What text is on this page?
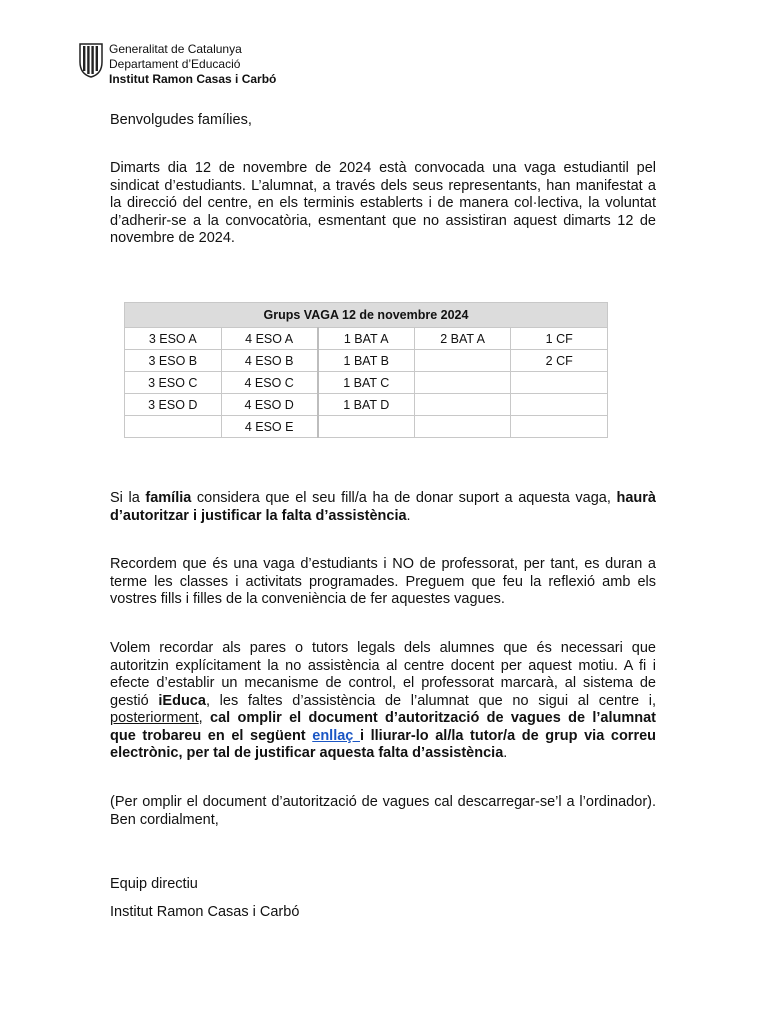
Generalitat de Catalunya
Departament d’Educació
Institut Ramon Casas i Carbó

Benvolgudes famílies,

Dimarts dia 12 de novembre de 2024 està convocada una vaga estudiantil pel sindicat d’estudiants. L’alumnat, a través dels seus representants, han manifestat a la direcció del centre, en els terminis establerts i de manera col·lectiva, la voluntat d’adherir-se a la convocatòria, esmentant que no assistiran aquest dimarts 12 de novembre de 2024.

Grups VAGA 12 de novembre 2024				
3 ESO A	4 ESO A	1 BAT A	2 BAT A	1 CF
3 ESO B	4 ESO B	1 BAT B		2 CF
3 ESO C	4 ESO C	1 BAT C		
3 ESO D	4 ESO D	1 BAT D		
	4 ESO E			

Si la família considera que el seu fill/a ha de donar suport a aquesta vaga, haurà d’autoritzar i justificar la falta d’assistència.

Recordem que és una vaga d’estudiants i NO de professorat, per tant, es duran a terme les classes i activitats programades. Preguem que feu la reflexió amb els vostres fills i filles de la conveniència de fer aquestes vagues.

Volem recordar als pares o tutors legals dels alumnes que és necessari que autoritzin explícitament la no assistència al centre docent per aquest motiu. A fi i efecte d’establir un mecanisme de control, el professorat marcarà, al sistema de gestió iEduca, les faltes d’assistència de l’alumnat que no sigui al centre i, posteriorment, cal omplir el document d’autorització de vagues de l’alumnat que trobareu en el següent enllaç i lliurar-lo al/la tutor/a de grup via correu electrònic, per tal de justificar aquesta falta d’assistència.

(Per omplir el document d’autorització de vagues cal descarregar-se’l a l’ordinador). Ben cordialment,

Equip directiu
Institut Ramon Casas i Carbó
